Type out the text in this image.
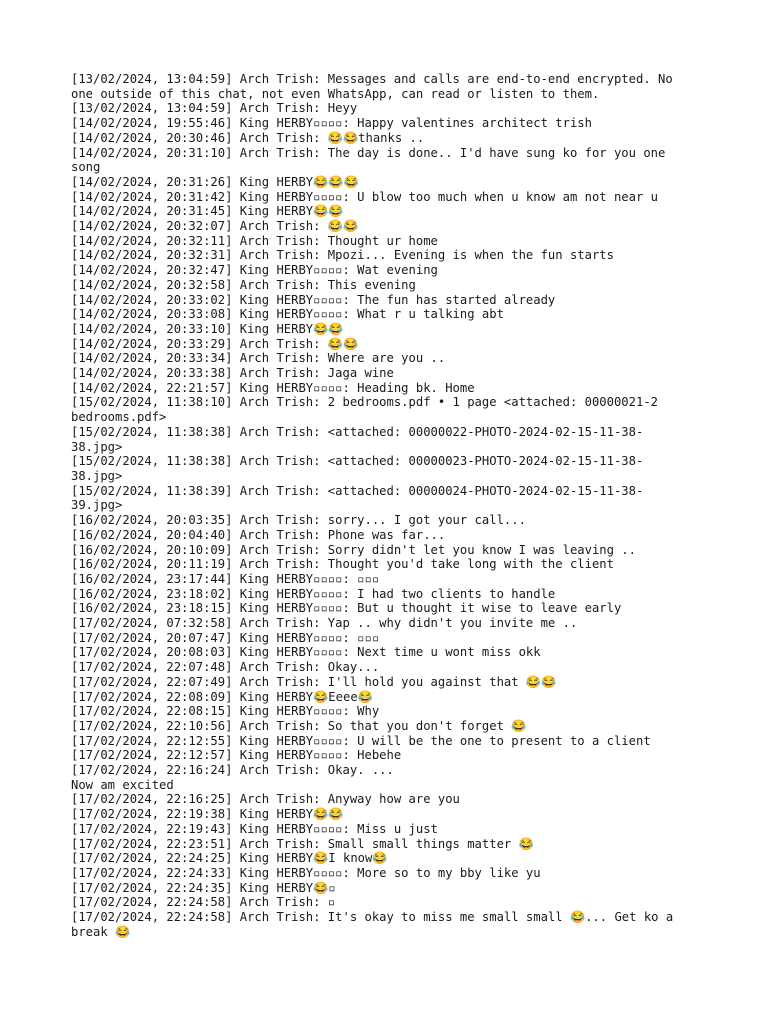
[13/02/2024, 13:04:59] Arch Trish: Messages and calls are end-to-end encrypted. No
one outside of this chat, not even WhatsApp, can read or listen to them.
[13/02/2024, 13:04:59] Arch Trish: Heyy
[14/02/2024, 19:55:46] King HERBY▫▫▫▫: Happy valentines architect trish
[14/02/2024, 20:30:46] Arch Trish: 😂😂thanks ..
[14/02/2024, 20:31:10] Arch Trish: The day is done.. I'd have sung ko for you one
song
[14/02/2024, 20:31:26] King HERBY😂😂😂
[14/02/2024, 20:31:42] King HERBY▫▫▫▫: U blow too much when u know am not near u
[14/02/2024, 20:31:45] King HERBY😂😂
[14/02/2024, 20:32:07] Arch Trish: 😂😂
[14/02/2024, 20:32:11] Arch Trish: Thought ur home
[14/02/2024, 20:32:31] Arch Trish: Mpozi... Evening is when the fun starts
[14/02/2024, 20:32:47] King HERBY▫▫▫▫: Wat evening
[14/02/2024, 20:32:58] Arch Trish: This evening
[14/02/2024, 20:33:02] King HERBY▫▫▫▫: The fun has started already
[14/02/2024, 20:33:08] King HERBY▫▫▫▫: What r u talking abt
[14/02/2024, 20:33:10] King HERBY😂😂
[14/02/2024, 20:33:29] Arch Trish: 😂😂
[14/02/2024, 20:33:34] Arch Trish: Where are you ..
[14/02/2024, 20:33:38] Arch Trish: Jaga wine
[14/02/2024, 22:21:57] King HERBY▫▫▫▫: Heading bk. Home
[15/02/2024, 11:38:10] Arch Trish: 2 bedrooms.pdf • 1 page <attached: 00000021-2
bedrooms.pdf>
[15/02/2024, 11:38:38] Arch Trish: <attached: 00000022-PHOTO-2024-02-15-11-38-
38.jpg>
[15/02/2024, 11:38:38] Arch Trish: <attached: 00000023-PHOTO-2024-02-15-11-38-
38.jpg>
[15/02/2024, 11:38:39] Arch Trish: <attached: 00000024-PHOTO-2024-02-15-11-38-
39.jpg>
[16/02/2024, 20:03:35] Arch Trish: sorry... I got your call...
[16/02/2024, 20:04:40] Arch Trish: Phone was far...
[16/02/2024, 20:10:09] Arch Trish: Sorry didn't let you know I was leaving ..
[16/02/2024, 20:11:19] Arch Trish: Thought you'd take long with the client
[16/02/2024, 23:17:44] King HERBY▫▫▫▫: ▫▫▫
[16/02/2024, 23:18:02] King HERBY▫▫▫▫: I had two clients to handle
[16/02/2024, 23:18:15] King HERBY▫▫▫▫: But u thought it wise to leave early
[17/02/2024, 07:32:58] Arch Trish: Yap .. why didn't you invite me ..
[17/02/2024, 20:07:47] King HERBY▫▫▫▫: ▫▫▫
[17/02/2024, 20:08:03] King HERBY▫▫▫▫: Next time u wont miss okk
[17/02/2024, 22:07:48] Arch Trish: Okay...
[17/02/2024, 22:07:49] Arch Trish: I'll hold you against that 😂😂
[17/02/2024, 22:08:09] King HERBY😂Eeee😂
[17/02/2024, 22:08:15] King HERBY▫▫▫▫: Why
[17/02/2024, 22:10:56] Arch Trish: So that you don't forget 😂
[17/02/2024, 22:12:55] King HERBY▫▫▫▫: U will be the one to present to a client
[17/02/2024, 22:12:57] King HERBY▫▫▫▫: Hebehe
[17/02/2024, 22:16:24] Arch Trish: Okay. ...
Now am excited
[17/02/2024, 22:16:25] Arch Trish: Anyway how are you
[17/02/2024, 22:19:38] King HERBY😂😂
[17/02/2024, 22:19:43] King HERBY▫▫▫▫: Miss u just
[17/02/2024, 22:23:51] Arch Trish: Small small things matter 😂
[17/02/2024, 22:24:25] King HERBY😂I know😂
[17/02/2024, 22:24:33] King HERBY▫▫▫▫: More so to my bby like yu
[17/02/2024, 22:24:35] King HERBY😂▫
[17/02/2024, 22:24:58] Arch Trish: ▫
[17/02/2024, 22:24:58] Arch Trish: It's okay to miss me small small 😂... Get ko a
break 😂
